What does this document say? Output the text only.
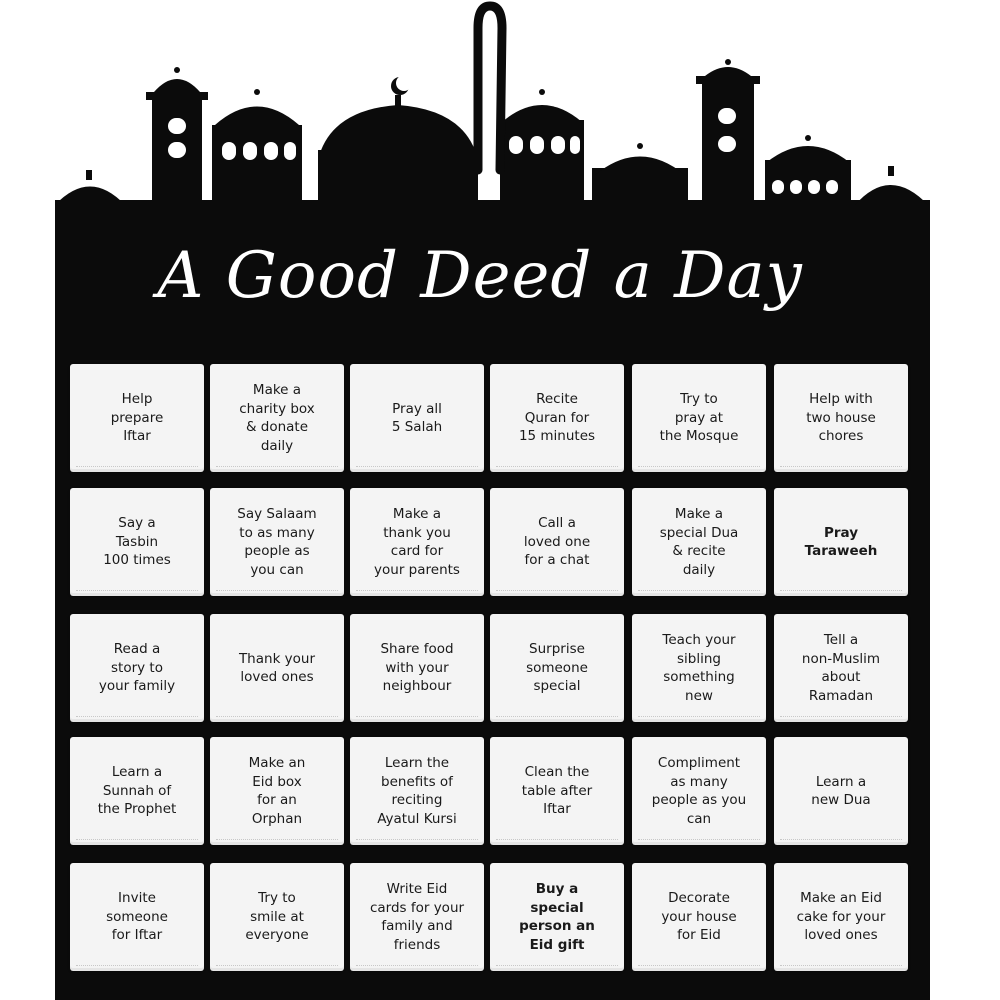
A Good Deed a Day
Help
prepare
Iftar
Make a
charity box
& donate
daily
Pray all
5 Salah
Recite
Quran for
15 minutes
Try to
pray at
the Mosque
Help with
two house
chores
Say a
Tasbin
100 times
Say Salaam
to as many
people as
you can
Make a
thank you
card for
your parents
Call a
loved one
for a chat
Make a
special Dua
& recite
daily
Pray
Taraweeh
Read a
story to
your family
Thank your
loved ones
Share food
with your
neighbour
Surprise
someone
special
Teach your
sibling
something
new
Tell a
non-Muslim
about
Ramadan
Learn a
Sunnah of
the Prophet
Make an
Eid box
for an
Orphan
Learn the
benefits of
reciting
Ayatul Kursi
Clean the
table after
Iftar
Compliment
as many
people as you
can
Learn a
new Dua
Invite
someone
for Iftar
Try to
smile at
everyone
Write Eid
cards for your
family and
friends
Buy a
special
person an
Eid gift
Decorate
your house
for Eid
Make an Eid
cake for your
loved ones
